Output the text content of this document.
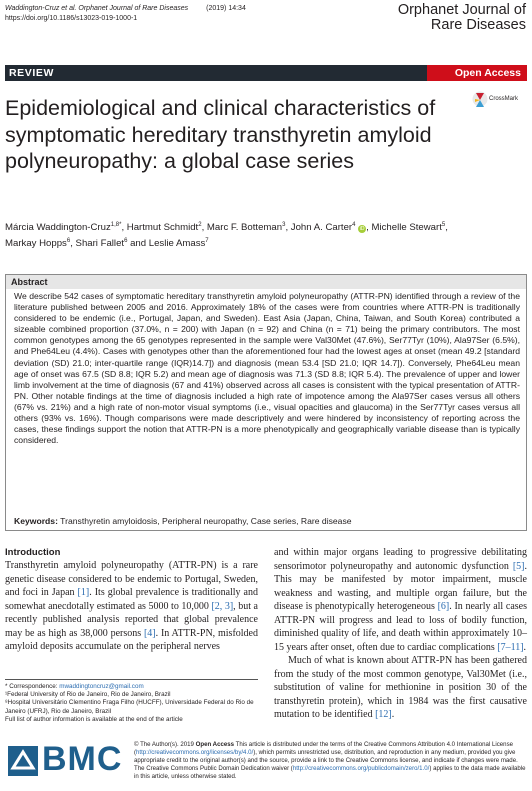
Waddington-Cruz et al. Orphanet Journal of Rare Diseases	(2019) 14:34
https://doi.org/10.1186/s13023-019-1000-1	Orphanet Journal of
Rare Diseases
REVIEW	Open Access
Epidemiological and clinical characteristics of symptomatic hereditary transthyretin amyloid polyneuropathy: a global case series
CrossMark
Márcia Waddington-Cruz$^{1,8*}$, Hartmut Schmidt$^2$, Marc F. Botteman$^3$, John A. Carter$^4$ iD , Michelle Stewart$^5$,
Markay Hopps$^6$, Shari Fallet$^6$ and Leslie Amass$^7$
Abstract

We describe 542 cases of symptomatic hereditary transthyretin amyloid polyneuropathy (ATTR-PN) identified through a review of the literature published between 2005 and 2016. Approximately 18% of the cases were from countries where ATTR-PN is traditionally considered to be endemic (i.e., Portugal, Japan, and Sweden). East Asia (Japan, China, Taiwan, and South Korea) contributed a sizeable combined proportion (37.0%, n = 200) with Japan (n = 92) and China (n = 71) being the primary contributors. The most common genotypes among the 65 genotypes represented in the sample were Val30Met (47.6%), Ser77Tyr (10%), Ala97Ser (6.5%), and Phe64Leu (4.4%). Cases with genotypes other than the aforementioned four had the lowest ages at onset (mean 49.2 [standard deviation (SD) 21.0; inter-quartile range (IQR)14.7]) and diagnosis (mean 53.4 [SD 21.0; IQR 14.7]). Conversely, Phe64Leu mean age of onset was 67.5 (SD 8.8; IQR 5.2) and mean age of diagnosis was 71.3 (SD 8.8; IQR 5.4). The prevalence of upper and lower limb involvement at the time of diagnosis (67 and 41%) observed across all cases is consistent with the typical presentation of ATTR-PN. Other notable findings at the time of diagnosis included a high rate of impotence among the Ala97Ser cases versus all others (67% vs. 21%) and a high rate of non-motor visual symptoms (i.e., visual opacities and glaucoma) in the Ser77Tyr cases versus all others (93% vs. 16%). Though comparisons were made descriptively and were hindered by inconsistency of reporting across the cases, these findings support the notion that ATTR-PN is a more phenotypically and geographically variable disease than is typically considered.

Keywords: Transthyretin amyloidosis, Peripheral neuropathy, Case series, Rare disease
Introduction

Transthyretin amyloid polyneuropathy (ATTR-PN) is a rare genetic disease considered to be endemic to Portugal, Sweden, and foci in Japan [1]. Its global prevalence is traditionally and somewhat anecdotally estimated as 5000 to 10,000 [2, 3], but a recently published analysis reported that global prevalence may be as high as 38,000 persons [4]. In ATTR-PN, misfolded amyloid deposits accumulate on the peripheral nerves

and within major organs leading to progressive debilitating sensorimotor polyneuropathy and autonomic dysfunction [5]. This may be manifested by motor impairment, muscle weakness and wasting, and multiple organ failure, but the disease is phenotypically heterogeneous [6]. In nearly all cases ATTR-PN will progress and lead to loss of bodily function, diminished quality of life, and death within approximately 10–15 years after onset, often due to cardiac complications [7–11].

Much of what is known about ATTR-PN has been gathered from the study of the most common genotype, Val30Met (i.e., substitution of valine for methionine in position 30 of the transthyretin protein), which in 1984 was the first causative mutation to be identified [12].

* Correspondence: mwaddingtoncruz@gmail.com
¹Federal University of Rio de Janeiro, Rio de Janeiro, Brazil
⁸Hospital Universitário Clementino Fraga Filho (HUCFF), Universidade Federal do Rio de Janeiro (UFRJ), Rio de Janeiro, Brazil
Full list of author information is available at the end of the article
BMC © The Author(s). 2019 Open Access This article is distributed under the terms of the Creative Commons Attribution 4.0 International License (http://creativecommons.org/licenses/by/4.0/), which permits unrestricted use, distribution, and reproduction in any medium, provided you give appropriate credit to the original author(s) and the source, provide a link to the Creative Commons license, and indicate if changes were made. The Creative Commons Public Domain Dedication waiver (http://creativecommons.org/publicdomain/zero/1.0/) applies to the data made available in this article, unless otherwise stated.
